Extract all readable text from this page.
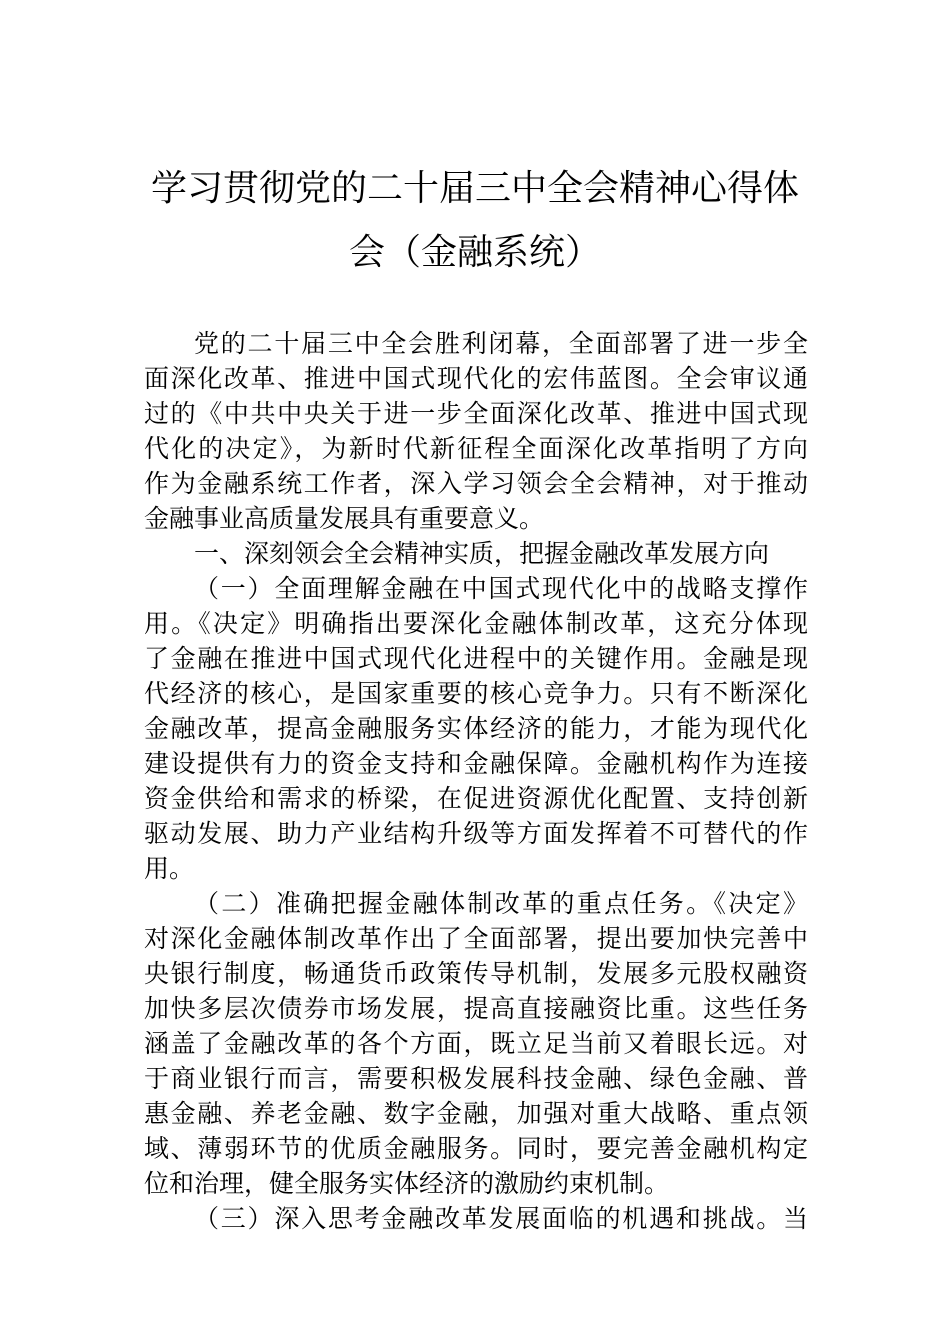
学习贯彻党的二十届三中全会精神心得体
会（金融系统）
党的二十届三中全会胜利闭幕，全面部署了进一步全
面深化改革、推进中国式现代化的宏伟蓝图。全会审议通
过的《中共中央关于进一步全面深化改革、推进中国式现
代化的决定》，为新时代新征程全面深化改革指明了方向
作为金融系统工作者，深入学习领会全会精神，对于推动
金融事业高质量发展具有重要意义。
一、深刻领会全会精神实质，把握金融改革发展方向
（一）全面理解金融在中国式现代化中的战略支撑作
用。《决定》明确指出要深化金融体制改革，这充分体现
了金融在推进中国式现代化进程中的关键作用。金融是现
代经济的核心，是国家重要的核心竞争力。只有不断深化
金融改革，提高金融服务实体经济的能力，才能为现代化
建设提供有力的资金支持和金融保障。金融机构作为连接
资金供给和需求的桥梁，在促进资源优化配置、支持创新
驱动发展、助力产业结构升级等方面发挥着不可替代的作
用。
（二）准确把握金融体制改革的重点任务。《决定》
对深化金融体制改革作出了全面部署，提出要加快完善中
央银行制度，畅通货币政策传导机制，发展多元股权融资
加快多层次债券市场发展，提高直接融资比重。这些任务
涵盖了金融改革的各个方面，既立足当前又着眼长远。对
于商业银行而言，需要积极发展科技金融、绿色金融、普
惠金融、养老金融、数字金融，加强对重大战略、重点领
域、薄弱环节的优质金融服务。同时，要完善金融机构定
位和治理，健全服务实体经济的激励约束机制。
（三）深入思考金融改革发展面临的机遇和挑战。当
